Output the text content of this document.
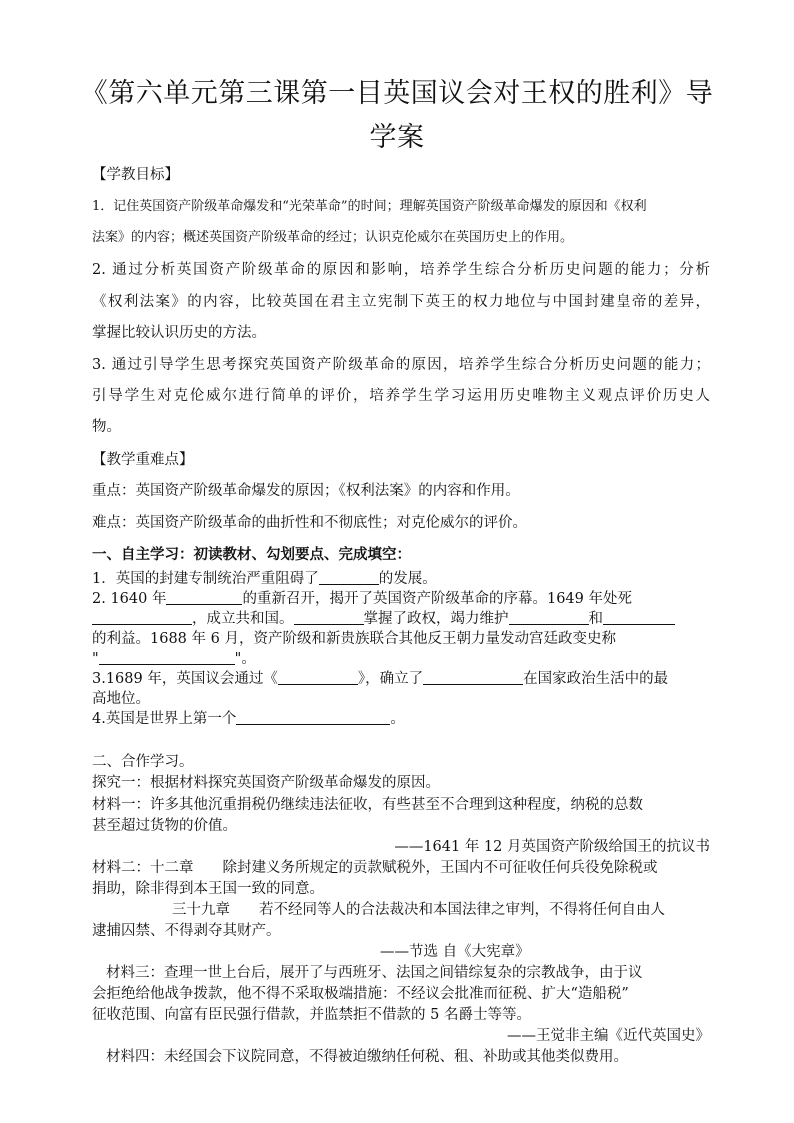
《第六单元第三课第一目英国议会对王权的胜利》导
学案
【学教目标】
1．记住英国资产阶级革命爆发和“光荣革命”的时间；理解英国资产阶级革命爆发的原因和《权利
法案》的内容；概述英国资产阶级革命的经过；认识克伦威尔在英国历史上的作用。
2. 通过分析英国资产阶级革命的原因和影响，培养学生综合分析历史问题的能力；分析
《权利法案》的内容，比较英国在君主立宪制下英王的权力地位与中国封建皇帝的差异，
掌握比较认识历史的方法。
3. 通过引导学生思考探究英国资产阶级革命的原因，培养学生综合分析历史问题的能力；
引导学生对克伦威尔进行简单的评价，培养学生学习运用历史唯物主义观点评价历史人
物。
【教学重难点】
重点：英国资产阶级革命爆发的原因；《权利法案》的内容和作用。
难点：英国资产阶级革命的曲折性和不彻底性；对克伦威尔的评价。
一、自主学习：初读教材、勾划要点、完成填空：
1．英国的封建专制统治严重阻碍了	的发展。
2. 1640 年	的重新召开，揭开了英国资产阶级革命的序幕。1649 年处死
，成立共和国。	掌握了政权，竭力维护	和
的利益。1688 年 6 月，资产阶级和新贵族联合其他反王朝力量发动宫廷政变史称
"	"。
3.1689 年，英国议会通过《	》，确立了	在国家政治生活中的最
高地位。
4.英国是世界上第一个	。
二、合作学习。
探究一：根据材料探究英国资产阶级革命爆发的原因。
材料一：许多其他沉重捐税仍继续违法征收，有些甚至不合理到这种程度，纳税的总数
甚至超过货物的价值。
——1641 年 12 月英国资产阶级给国王的抗议书
材料二：十二章　　除封建义务所规定的贡款赋税外，王国内不可征收任何兵役免除税或
捐助，除非得到本王国一致的同意。
三十九章　　若不经同等人的合法裁决和本国法律之审判，不得将任何自由人
逮捕囚禁、不得剥夺其财产。
——节选 自《大宪章》
材料三：查理一世上台后，展开了与西班牙、法国之间错综复杂的宗教战争，由于议
会拒绝给他战争拨款，他不得不采取极端措施：不经议会批准而征税、扩大“造船税”
征收范围、向富有臣民强行借款，并监禁拒不借款的 5 名爵士等等。
——王觉非主编《近代英国史》
材料四：未经国会下议院同意，不得被迫缴纳任何税、租、补助或其他类似费用。
